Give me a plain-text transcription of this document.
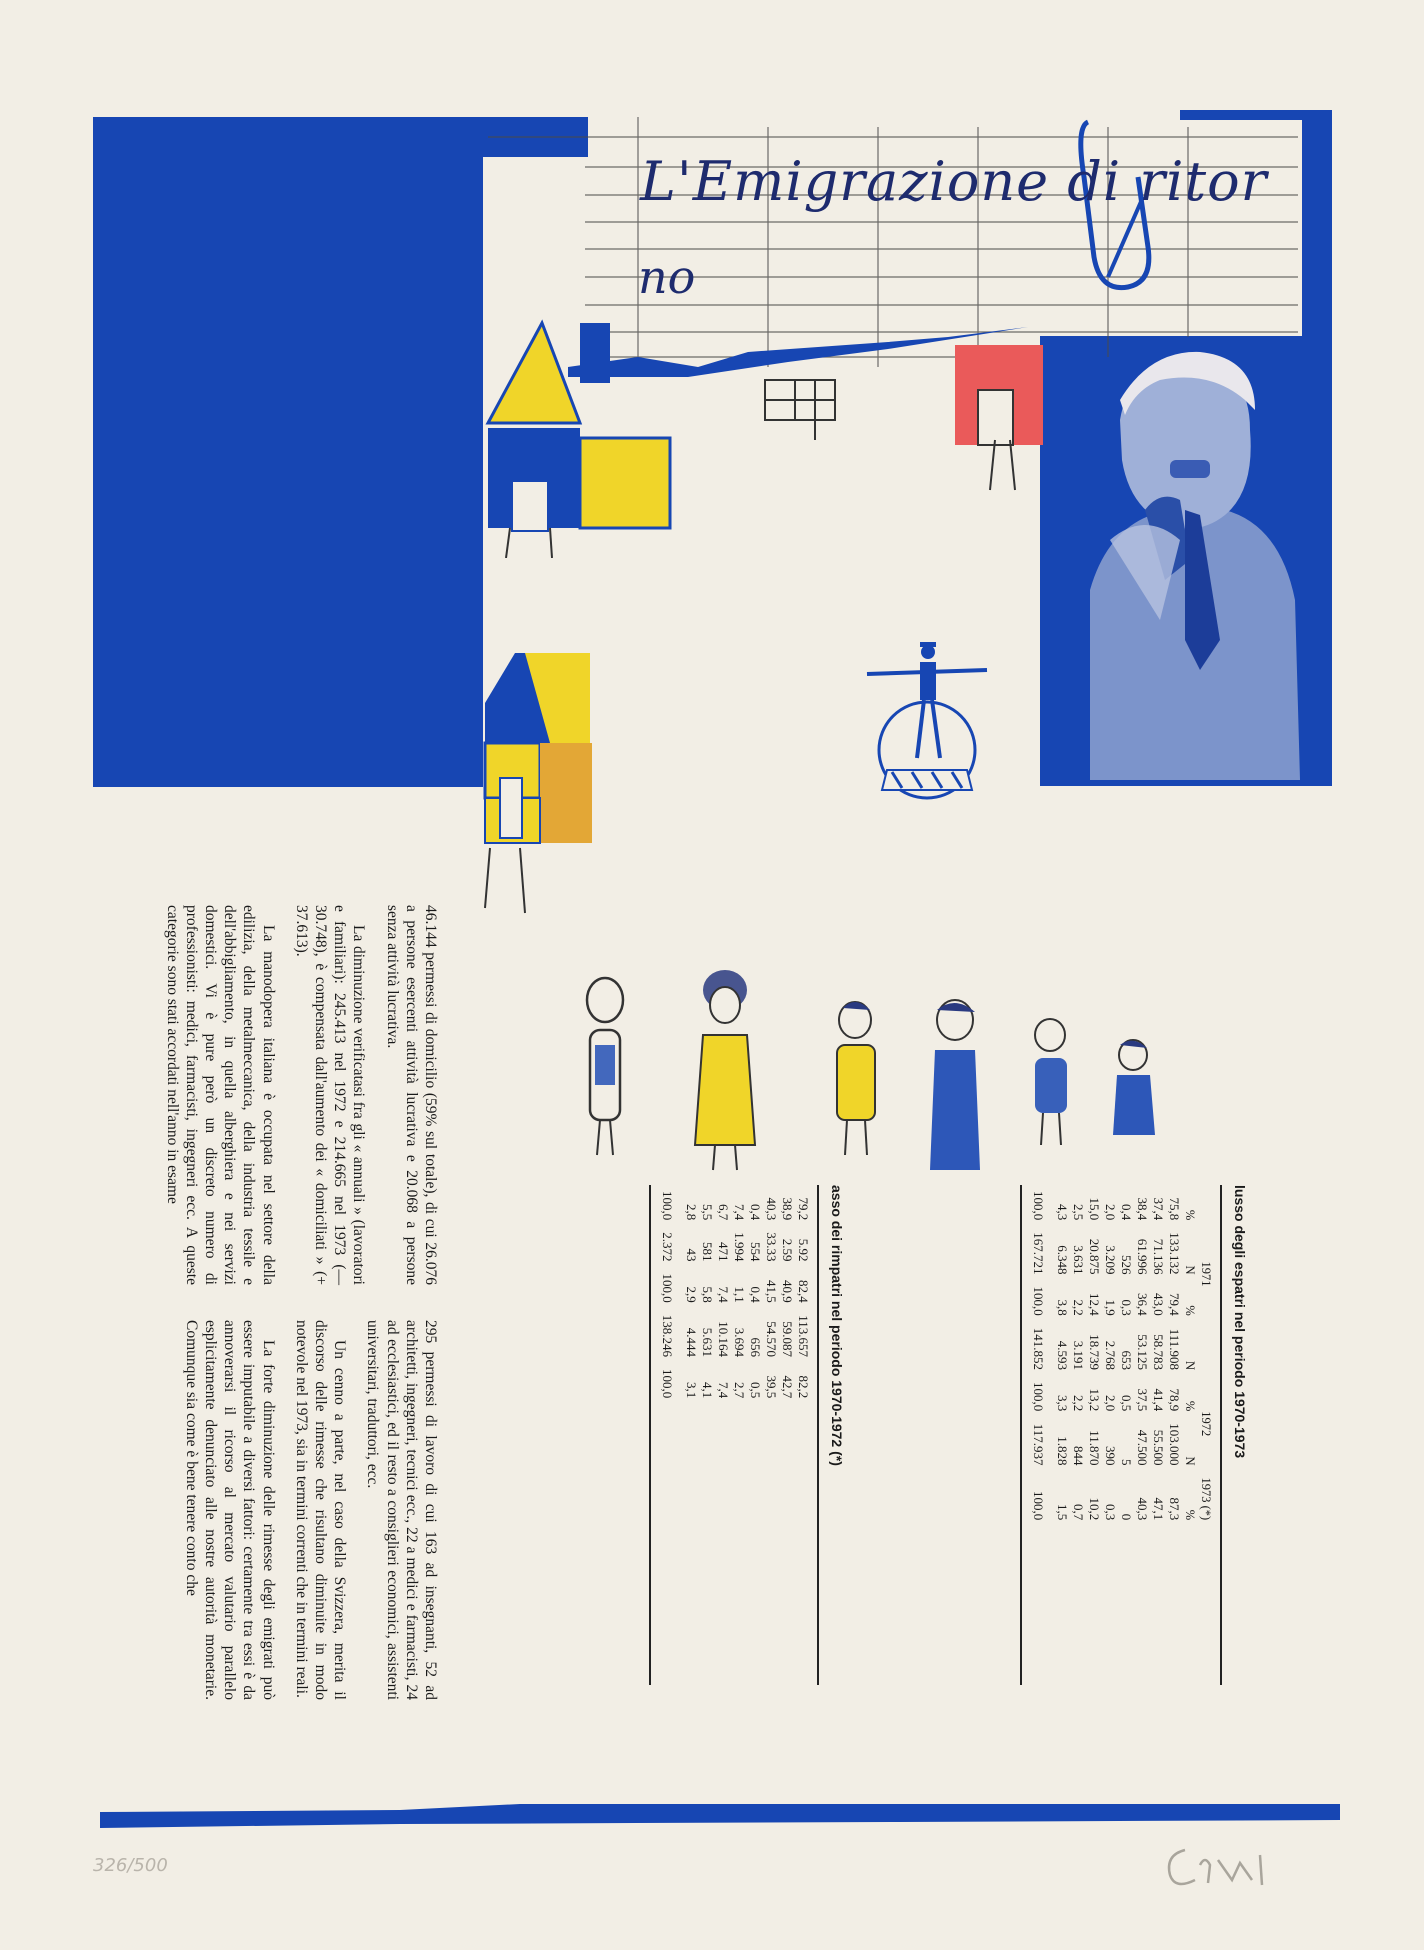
L'Emigrazione di ritor
no
lusso degli espatri nel periodo 1970-1973
	1971			1972		1973 (*)
%	N	%	N	%	N	%
75,8	133.132	79,4	111.908	78,9	103.000	87,3
37,4	71.136	43,0	58.783	41,4	55.500	47,1
38,4	61.996	36,4	53.125	37,5	47.500	40,3
0,4	526	0,3	653	0,5	5	0
2,0	3.209	1,9	2.768	2,0	390	0,3
15,0	20.875	12,4	18.739	13,2	11.870	10,2
2,5	3.631	2,2	3.191	2,2	844	0,7
4,3	6.348	3,8	4.593	3,3	1.828	1,5
100,0	167.721	100,0	141.852	100,0	117.937	100,0
asso dei rimpatri nel periodo 1970-1972 (*)
79,2	5.92	82,4	113.657	82,2
38,9	2.59	40,9	59.087	42,7
40,3	33.33	41,5	54.570	39,5
0,4	554	0,4	656	0,5
7,4	1.994	1,1	3.694	2,7
6,7	471	7,4	10.164	7,4
5,5	581	5,8	5.631	4,1
2,8	43	2,9	4.444	3,1
100,0	2.372	100,0	138.246	100,0

46.144 permessi di domicilio (59% sul totale), di cui 26.076 a persone esercenti attività lucrativa e 20.068 a persone senza attività lucrativa.

La diminuzione verificatasi fra gli « annuali » (lavoratori e familiari): 245.413 nel 1972 e 214.665 nel 1973 (—30.748), è compensata dall'aumento dei « domiciliati » (+ 37.613).

La manodopera italiana è occupata nel settore della edilizia, della metalmeccanica, della industria tessile e dell'abbigliamento, in quella alberghiera e nei servizi domestici. Vi è pure però un discreto numero di professionisti: medici, farmacisti, ingegneri ecc. A queste categorie sono stati accordati nell'anno in esame

295 permessi di lavoro di cui 163 ad insegnanti, 52 ad architetti, ingegneri, tecnici ecc., 22 a medici e farmacisti, 24 ad ecclesiastici, ed il resto a consiglieri economici, assistenti universitari, traduttori, ecc.

Un cenno a parte, nel caso della Svizzera, merita il discorso delle rimesse che risultano diminuite in modo notevole nel 1973, sia in termini correnti che in termini reali.

La forte diminuzione delle rimesse degli emigrati può essere imputabile a diversi fattori: certamente tra essi è da annoverarsi il ricorso al mercato valutario parallelo esplicitamente denunciato alle nostre autorità monetarie. Comunque sia come è bene tenere conto che

326/500
